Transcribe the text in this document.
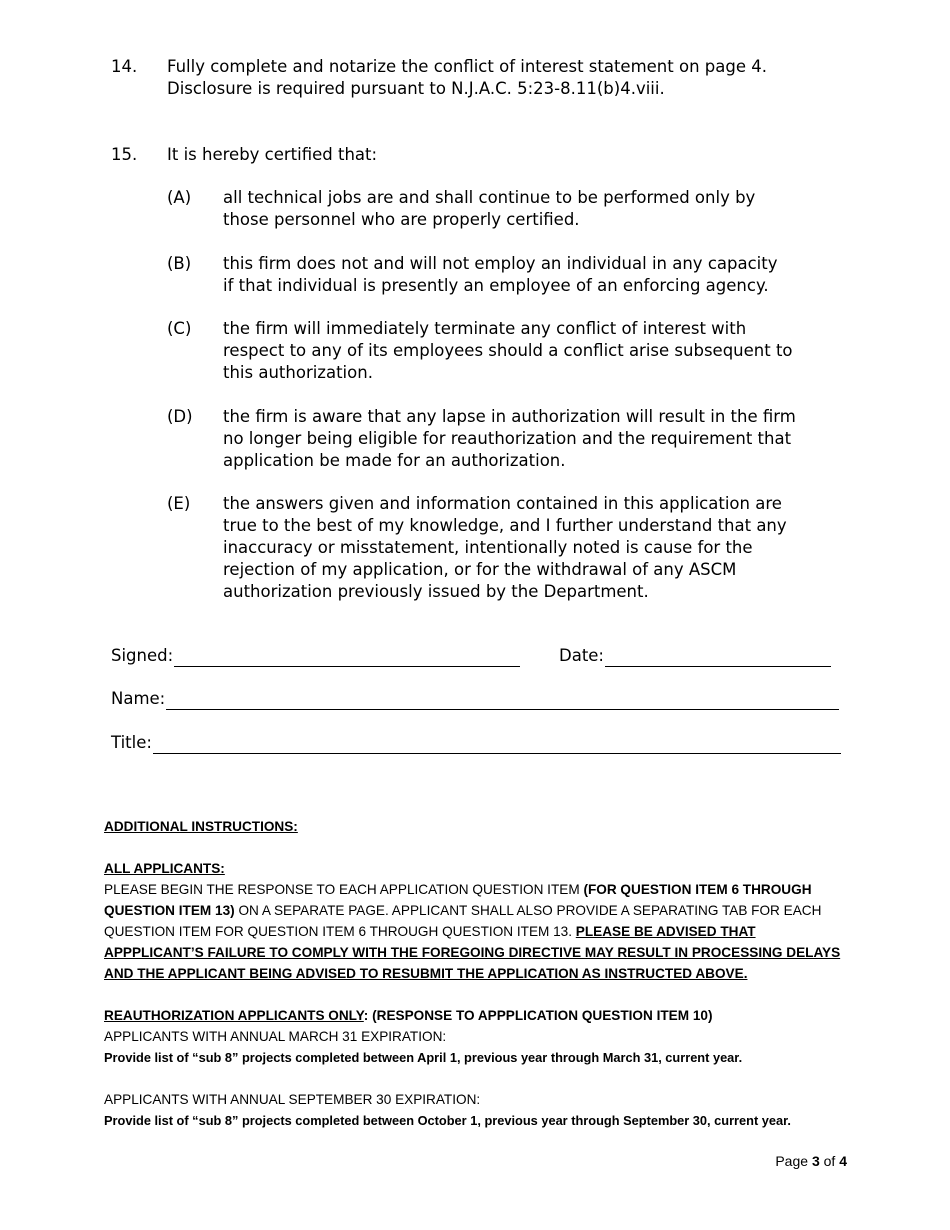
14. Fully complete and notarize the conflict of interest statement on page 4.
Disclosure is required pursuant to N.J.A.C. 5:23-8.11(b)4.viii.
15. It is hereby certified that:
(A) all technical jobs are and shall continue to be performed only by
those personnel who are properly certified.
(B) this firm does not and will not employ an individual in any capacity
if that individual is presently an employee of an enforcing agency.
(C) the firm will immediately terminate any conflict of interest with
respect to any of its employees should a conflict arise subsequent to
this authorization.
(D) the firm is aware that any lapse in authorization will result in the firm
no longer being eligible for reauthorization and the requirement that
application be made for an authorization.
(E) the answers given and information contained in this application are
true to the best of my knowledge, and I further understand that any
inaccuracy or misstatement, intentionally noted is cause for the
rejection of my application, or for the withdrawal of any ASCM
authorization previously issued by the Department.
Signed:	Date:
Name:
Title:
ADDITIONAL INSTRUCTIONS:
ALL APPLICANTS:
PLEASE BEGIN THE RESPONSE TO EACH APPLICATION QUESTION ITEM (FOR QUESTION ITEM 6 THROUGH QUESTION ITEM 13) ON A SEPARATE PAGE. APPLICANT SHALL ALSO PROVIDE A SEPARATING TAB FOR EACH QUESTION ITEM FOR QUESTION ITEM 6 THROUGH QUESTION ITEM 13. PLEASE BE ADVISED THAT APPPLICANT’S FAILURE TO COMPLY WITH THE FOREGOING DIRECTIVE MAY RESULT IN PROCESSING DELAYS AND THE APPLICANT BEING ADVISED TO RESUBMIT THE APPLICATION AS INSTRUCTED ABOVE.
REAUTHORIZATION APPLICANTS ONLY: (RESPONSE TO APPPLICATION QUESTION ITEM 10)
APPLICANTS WITH ANNUAL MARCH 31 EXPIRATION:
Provide list of “sub 8” projects completed between April 1, previous year through March 31, current year.
APPLICANTS WITH ANNUAL SEPTEMBER 30 EXPIRATION:
Provide list of “sub 8” projects completed between October 1, previous year through September 30, current year.
Page 3 of 4
